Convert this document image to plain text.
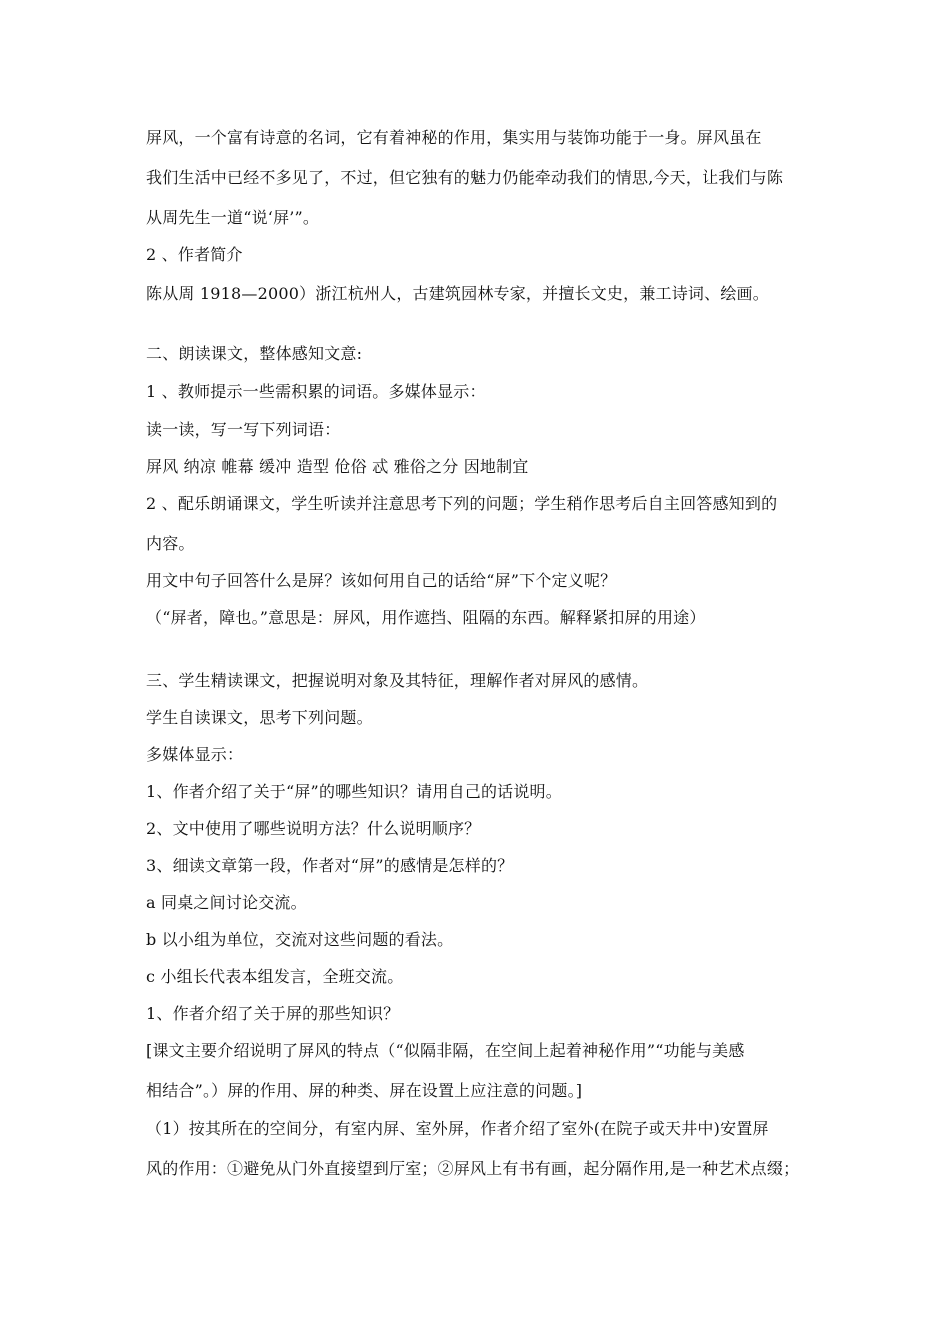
屏风，一个富有诗意的名词，它有着神秘的作用，集实用与装饰功能于一身。屏风虽在
我们生活中已经不多见了，不过，但它独有的魅力仍能牵动我们的情思,今天，让我们与陈
从周先生一道“说‘屏’”。
2 、作者简介
陈从周 1918—2000）浙江杭州人，古建筑园林专家，并擅长文史，兼工诗词、绘画。
二、朗读课文，整体感知文意:
1 、教师提示一些需积累的词语。多媒体显示：
读一读，写一写下列词语：
屏风 纳凉 帷幕 缓冲 造型 伧俗 忒 雅俗之分 因地制宜
2 、配乐朗诵课文，学生听读并注意思考下列的问题；学生稍作思考后自主回答感知到的
内容。
用文中句子回答什么是屏？该如何用自己的话给“屏”下个定义呢？
（“屏者，障也。”意思是：屏风，用作遮挡、阻隔的东西。解释紧扣屏的用途）
三、学生精读课文，把握说明对象及其特征，理解作者对屏风的感情。
学生自读课文，思考下列问题。
多媒体显示：
1、作者介绍了关于“屏”的哪些知识？请用自己的话说明。
2、文中使用了哪些说明方法？什么说明顺序？
3、细读文章第一段，作者对“屏”的感情是怎样的？
a 同桌之间讨论交流。
b 以小组为单位，交流对这些问题的看法。
c 小组长代表本组发言，全班交流。
1、作者介绍了关于屏的那些知识？
[课文主要介绍说明了屏风的特点（“似隔非隔，在空间上起着神秘作用”“功能与美感
相结合”。）屏的作用、屏的种类、屏在设置上应注意的问题。]
（1）按其所在的空间分，有室内屏、室外屏，作者介绍了室外(在院子或天井中)安置屏
风的作用：①避免从门外直接望到厅室；②屏风上有书有画，起分隔作用,是一种艺术点缀；
